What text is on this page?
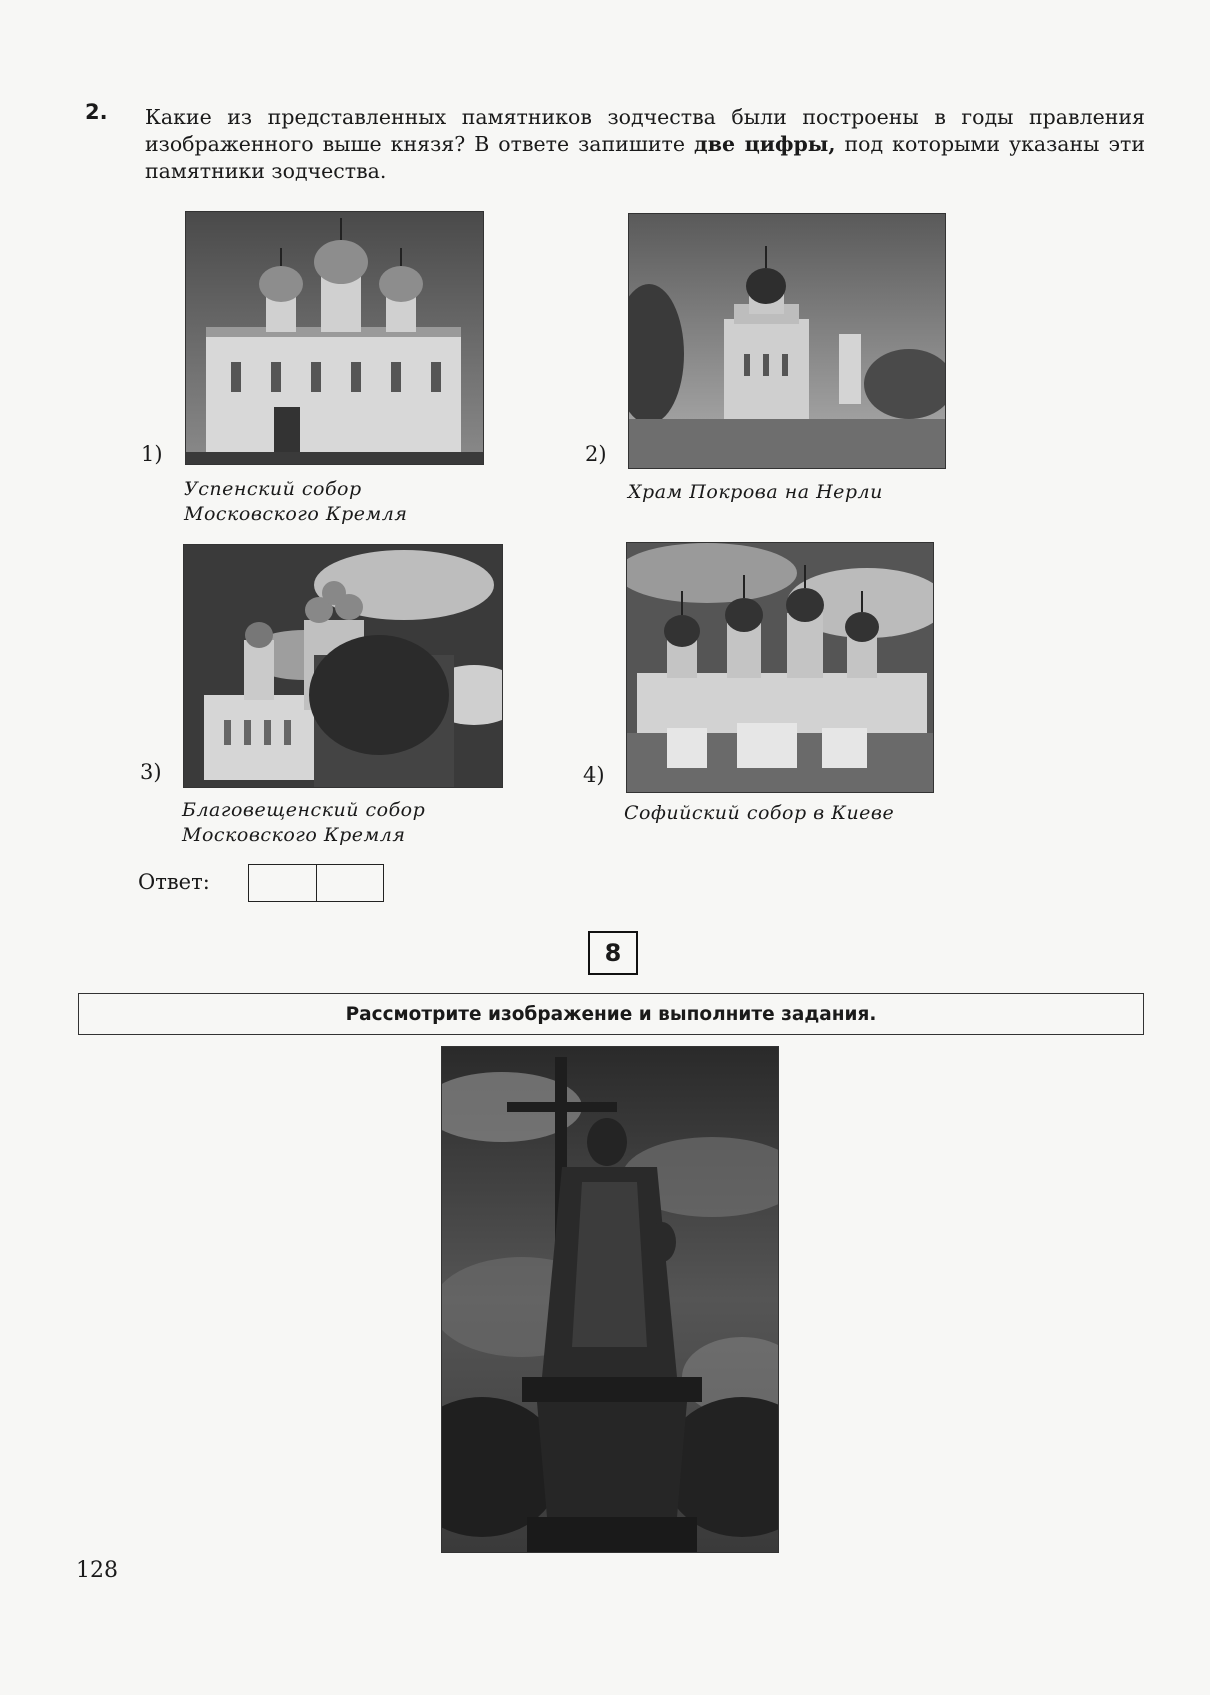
2. Какие из представленных памятников зодчества были построены в годы правления изображенного выше князя? В ответе запишите две цифры, под которыми указаны эти памятники зодчества.
1)
Успенский собор
Московского Кремля
2)
Храм Покрова на Нерли
3)
Благовещенский собор
Московского Кремля
4)
Софийский собор в Киеве
Ответ:
8
Рассмотрите изображение и выполните задания.
128
